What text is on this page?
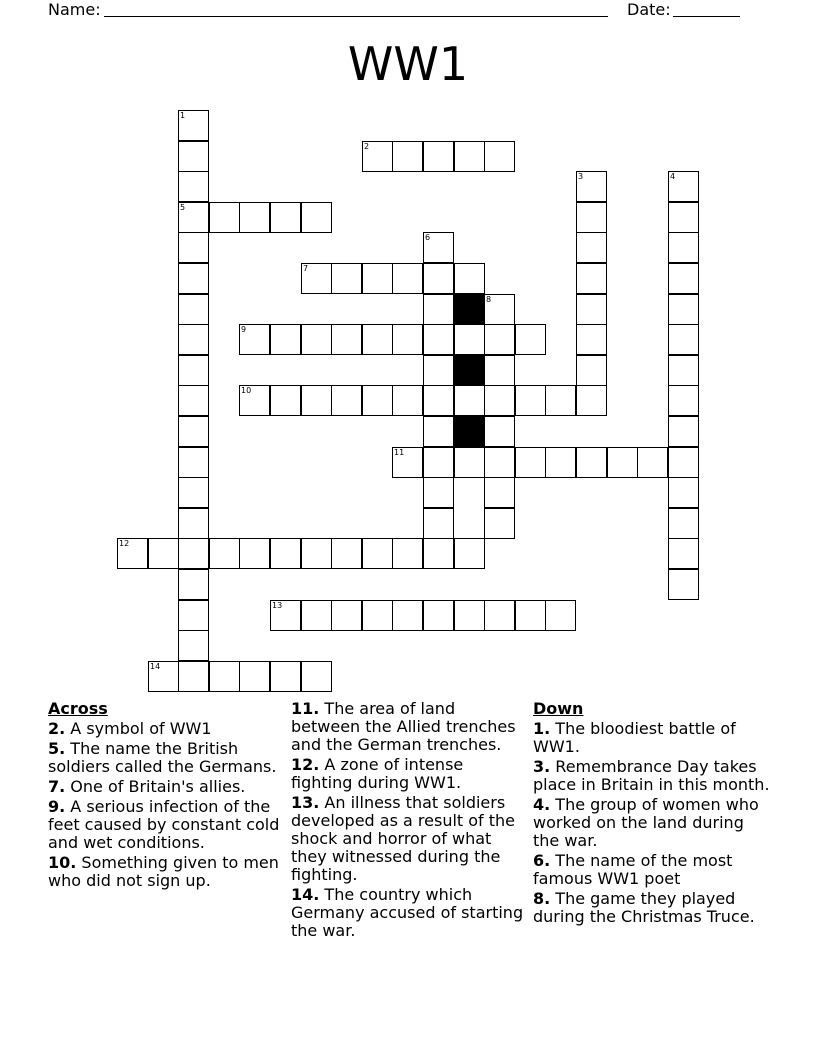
Name:	Date:
WW1
1
5
2
3	4
6
7
8
9
10
11
12
13
14
Across
2. A symbol of WW1
5. The name the British soldiers called the Germans.
7. One of Britain's allies.
9. A serious infection of the feet caused by constant cold and wet conditions.
10. Something given to men who did not sign up.
11. The area of land between the Allied trenches and the German trenches.
12. A zone of intense fighting during WW1.
13. An illness that soldiers developed as a result of the shock and horror of what they witnessed during the fighting.
14. The country which Germany accused of starting the war.
Down
1. The bloodiest battle of WW1.
3. Remembrance Day takes place in Britain in this month.
4. The group of women who worked on the land during the war.
6. The name of the most famous WW1 poet
8. The game they played during the Christmas Truce.
